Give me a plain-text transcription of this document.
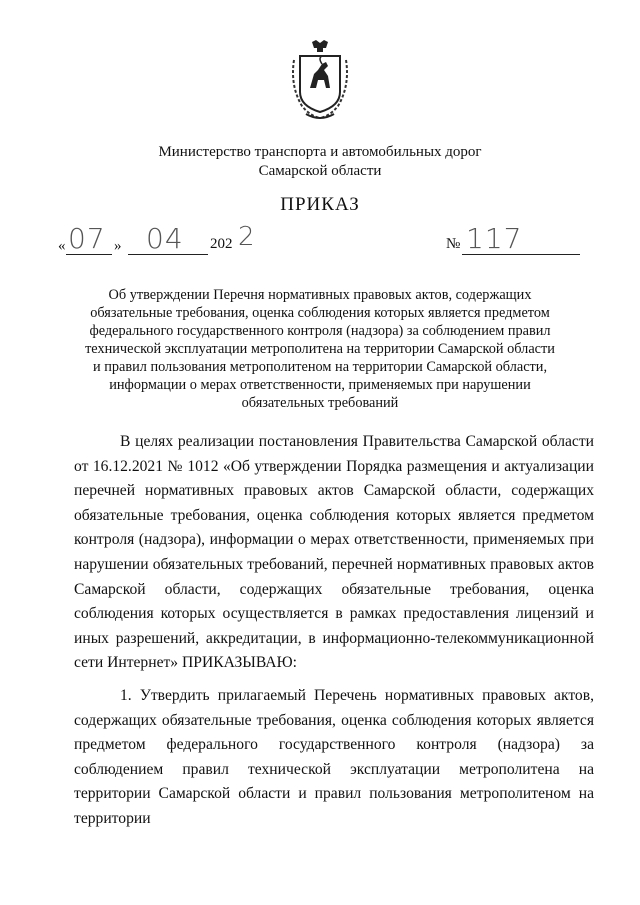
Министерство транспорта и автомобильных дорог
Самарской области
ПРИКАЗ
« 07 » 04 202 2	№ 117
Об утверждении Перечня нормативных правовых актов, содержащих обязательные требования, оценка соблюдения которых является предметом федерального государственного контроля (надзора) за соблюдением правил технической эксплуатации метрополитена на территории Самарской области и правил пользования метрополитеном на территории Самарской области, информации о мерах ответственности, применяемых при нарушении обязательных требований

В целях реализации постановления Правительства Самарской области от 16.12.2021 № 1012 «Об утверждении Порядка размещения и актуализации перечней нормативных правовых актов Самарской области, содержащих обязательные требования, оценка соблюдения которых является предметом контроля (надзора), информации о мерах ответственности, применяемых при нарушении обязательных требований, перечней нормативных правовых актов Самарской области, содержащих обязательные требования, оценка соблюдения которых осуществляется в рамках предоставления лицензий и иных разрешений, аккредитации, в информационно-телекоммуникационной сети Интернет» ПРИКАЗЫВАЮ:

1. Утвердить прилагаемый Перечень нормативных правовых актов, содержащих обязательные требования, оценка соблюдения которых является предметом федерального государственного контроля (надзора) за соблюдением правил технической эксплуатации метрополитена на территории Самарской области и правил пользования метрополитеном на территории
